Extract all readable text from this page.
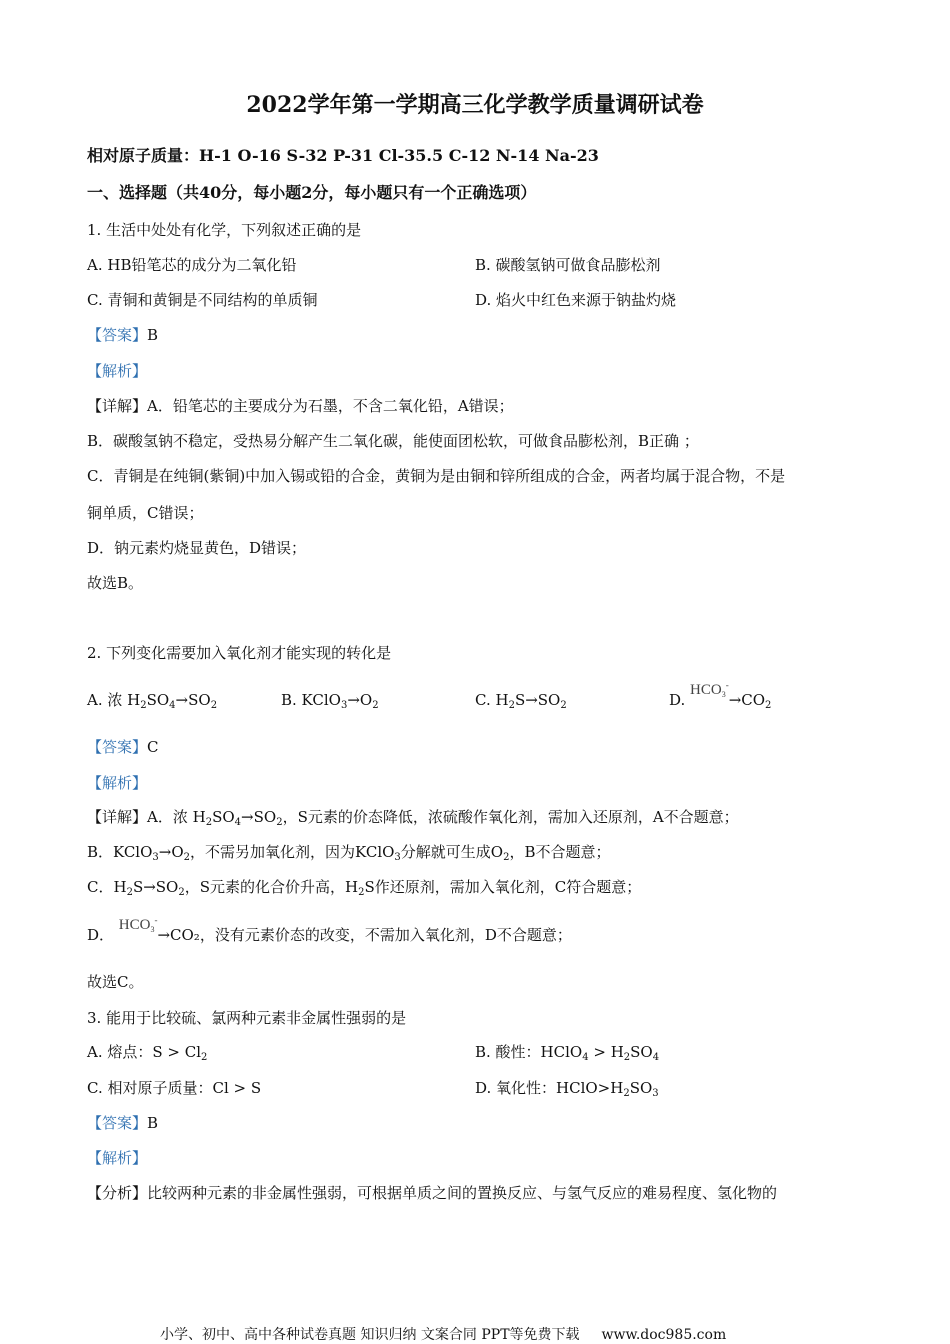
2022学年第一学期高三化学教学质量调研试卷
相对原子质量：H-1 O-16 S-32 P-31 Cl-35.5 C-12 N-14 Na-23
一、选择题（共40分，每小题2分，每小题只有一个正确选项）
1. 生活中处处有化学，下列叙述正确的是
A. HB铅笔芯的成分为二氧化铅	B. 碳酸氢钠可做食品膨松剂
C. 青铜和黄铜是不同结构的单质铜	D. 焰火中红色来源于钠盐灼烧
【答案】B
【解析】
【详解】A．铅笔芯的主要成分为石墨，不含二氧化铅，A错误；
B．碳酸氢钠不稳定，受热易分解产生二氧化碳，能使面团松软，可做食品膨松剂，B正确 ；
C．青铜是在纯铜(紫铜)中加入锡或铅的合金，黄铜为是由铜和锌所组成的合金，两者均属于混合物，不是
铜单质，C错误；
D．钠元素灼烧显黄色，D错误；
故选B。
2. 下列变化需要加入氧化剂才能实现的转化是
A. 浓 $H_2SO_4\to SO_2$	B. $KClO_3\to O_2$	C. $H_2S\to SO_2$	D. $HCO_3^-\to CO_2$
【答案】C
【解析】
【详解】A．浓 $H_2SO_4\to SO_2$，S元素的价态降低，浓硫酸作氧化剂，需加入还原剂，A不合题意；
B．$KClO_3\to O_2$，不需另加氧化剂，因为KClO$_3$分解就可生成$O_2$，B不合题意；
C．$H_2S\to SO_2$，S元素的化合价升高，$H_2S$作还原剂，需加入氧化剂，C符合题意；
D． $HCO_3^-\to CO_2$，没有元素价态的改变，不需加入氧化剂，D不合题意；
故选C。
3. 能用于比较硫、氯两种元素非金属性强弱的是
A. 熔点：$S > Cl_2$	B. 酸性：HClO$_4$ > $H_2SO_4$
C. 相对原子质量：Cl > S	D. 氧化性：$HClO>H_2SO_3$
【答案】B
【解析】
【分析】比较两种元素的非金属性强弱，可根据单质之间的置换反应、与氢气反应的难易程度、氢化物的
小学、初中、高中各种试卷真题 知识归纳 文案合同 PPT等免费下载 www.doc985.com
